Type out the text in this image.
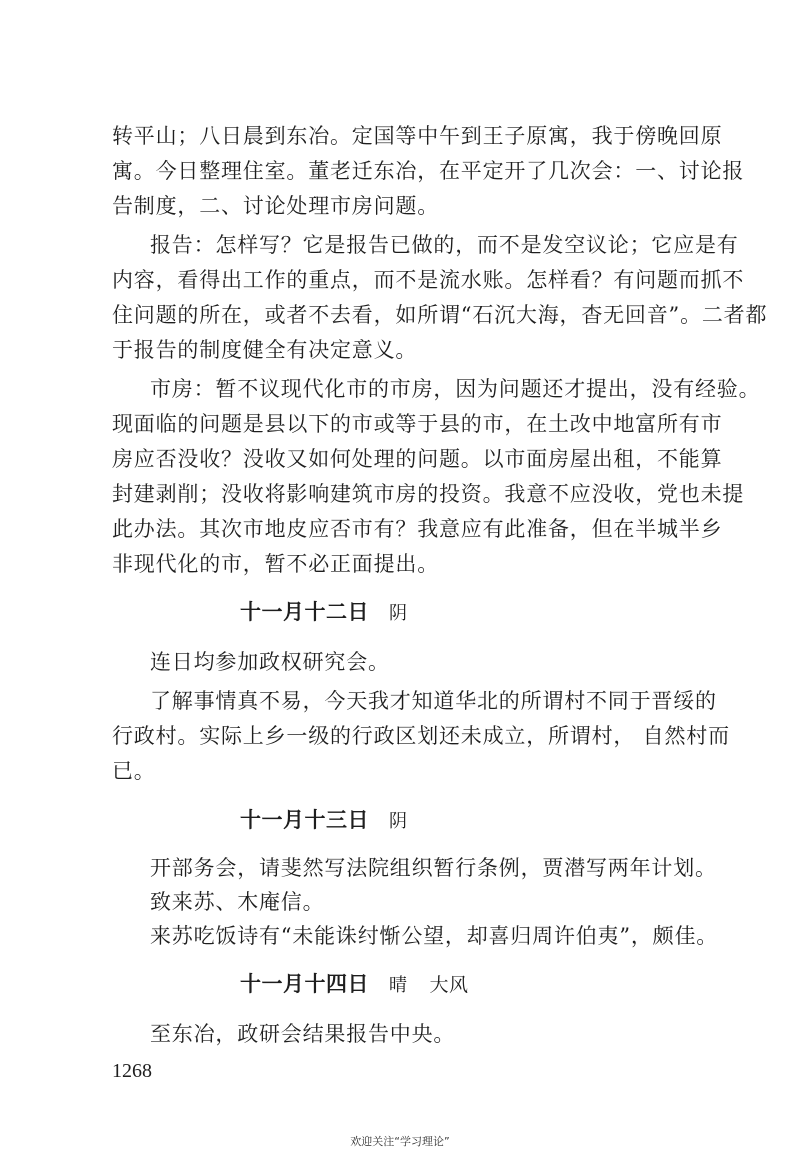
转平山；八日晨到东冶。定国等中午到王子原寓，我于傍晚回原
寓。今日整理住室。董老迁东冶，在平定开了几次会：一、讨论报
告制度，二、讨论处理市房问题。
报告：怎样写？它是报告已做的，而不是发空议论；它应是有
内容，看得出工作的重点，而不是流水账。怎样看？有问题而抓不
住问题的所在，或者不去看，如所谓“石沉大海，杳无回音”。二者都
于报告的制度健全有决定意义。
市房：暂不议现代化市的市房，因为问题还才提出，没有经验。
现面临的问题是县以下的市或等于县的市，在土改中地富所有市
房应否没收？没收又如何处理的问题。以市面房屋出租，不能算
封建剥削；没收将影响建筑市房的投资。我意不应没收，党也未提
此办法。其次市地皮应否市有？我意应有此准备，但在半城半乡
非现代化的市，暂不必正面提出。
十一月十二日 阴
连日均参加政权研究会。
了解事情真不易，今天我才知道华北的所谓村不同于晋绥的
行政村。实际上乡一级的行政区划还未成立，所谓村， 自然村而
已。
十一月十三日 阴
开部务会，请斐然写法院组织暂行条例，贾潜写两年计划。
致来苏、木庵信。
来苏吃饭诗有“未能诛纣惭公望，却喜归周许伯夷”，颇佳。
十一月十四日 晴 大风
至东冶，政研会结果报告中央。
1268
欢迎关注“学习理论”
